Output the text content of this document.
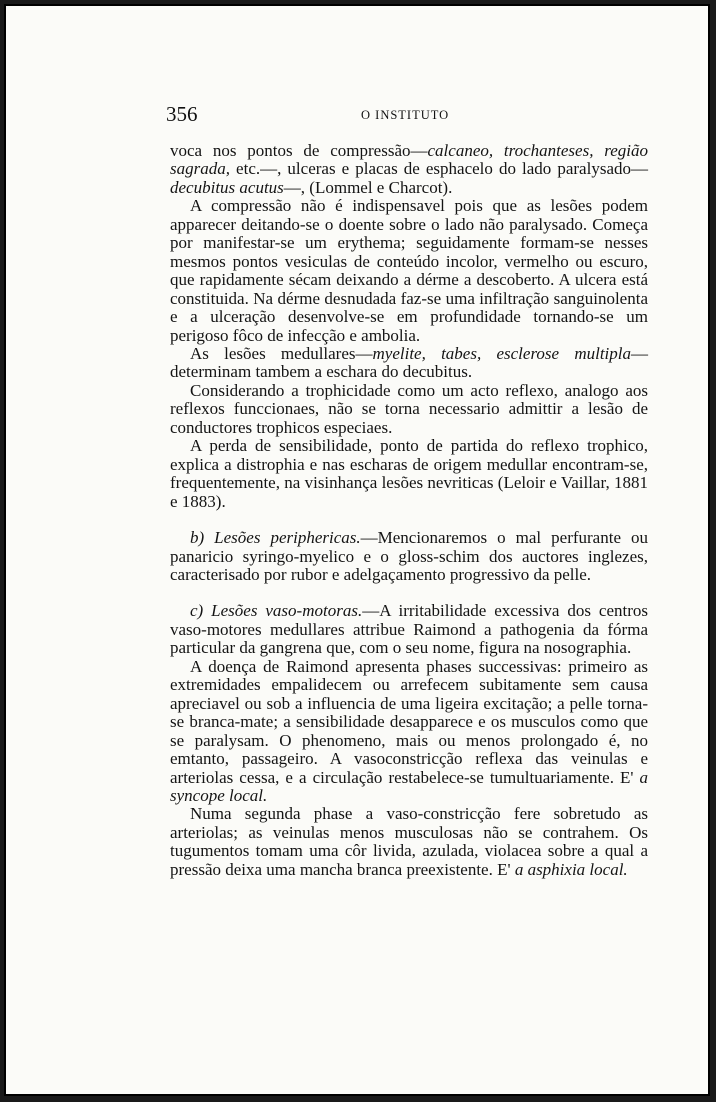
356	O INSTITUTO

voca nos pontos de compressão—calcaneo, trochanteses, região sagrada, etc.—, ulceras e placas de esphacelo do lado paralysado—decubitus acutus—, (Lommel e Charcot).

A compressão não é indispensavel pois que as lesões podem apparecer deitando-se o doente sobre o lado não paralysado. Começa por manifestar-se um erythema; seguidamente formam-se nesses mesmos pontos vesiculas de conteúdo incolor, vermelho ou escuro, que rapidamente sécam deixando a dérme a descoberto. A ulcera está constituida. Na dérme desnudada faz-se uma infiltração sanguinolenta e a ulceração desenvolve-se em profundidade tornando-se um perigoso fôco de infecção e ambolia.

As lesões medullares—myelite, tabes, esclerose multipla—determinam tambem a eschara do decubitus.

Considerando a trophicidade como um acto reflexo, analogo aos reflexos funccionaes, não se torna necessario admittir a lesão de conductores trophicos especiaes.

A perda de sensibilidade, ponto de partida do reflexo trophico, explica a distrophia e nas escharas de origem medullar encontram-se, frequentemente, na visinhança lesões nevriticas (Leloir e Vaillar, 1881 e 1883).

b) Lesões periphericas.—Mencionaremos o mal perfurante ou panaricio syringo-myelico e o gloss-schim dos auctores inglezes, caracterisado por rubor e adelgaçamento progressivo da pelle.

c) Lesões vaso-motoras.—A irritabilidade excessiva dos centros vaso-motores medullares attribue Raimond a pathogenia da fórma particular da gangrena que, com o seu nome, figura na nosographia.

A doença de Raimond apresenta phases successivas: primeiro as extremidades empalidecem ou arrefecem subitamente sem causa apreciavel ou sob a influencia de uma ligeira excitação; a pelle torna-se branca-mate; a sensibilidade desapparece e os musculos como que se paralysam. O phenomeno, mais ou menos prolongado é, no emtanto, passageiro. A vasoconstricção reflexa das veinulas e arteriolas cessa, e a circulação restabelece-se tumultuariamente. E' a syncope local.

Numa segunda phase a vaso-constricção fere sobretudo as arteriolas; as veinulas menos musculosas não se contrahem. Os tugumentos tomam uma côr livida, azulada, violacea sobre a qual a pressão deixa uma mancha branca preexistente. E' a asphixia local.
